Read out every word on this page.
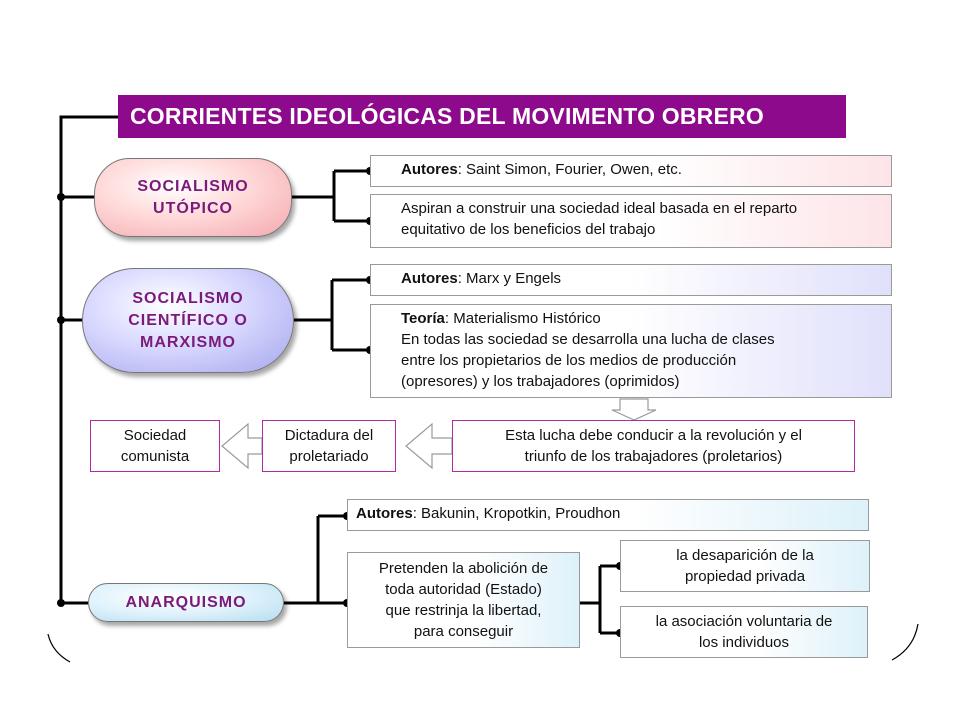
CORRIENTES IDEOLÓGICAS DEL MOVIMENTO OBRERO
SOCIALISMO
UTÓPICO
Autores: Saint Simon, Fourier, Owen, etc.
Aspiran a construir una sociedad ideal basada en el reparto
equitativo de los beneficios del trabajo
SOCIALISMO
CIENTÍFICO O
MARXISMO
Autores: Marx y Engels
Teoría: Materialismo Histórico
En todas las sociedad se desarrolla una lucha de clases
entre los propietarios de los medios de producción
(opresores) y los trabajadores (oprimidos)
Esta lucha debe conducir a la revolución y el
triunfo de los trabajadores (proletarios)
Dictadura del
proletariado
Sociedad
comunista
ANARQUISMO
Autores: Bakunin, Kropotkin, Proudhon
Pretenden la abolición de
toda autoridad (Estado)
que restrinja la libertad,
para conseguir
la desaparición de la
propiedad privada
la asociación voluntaria de
los individuos
